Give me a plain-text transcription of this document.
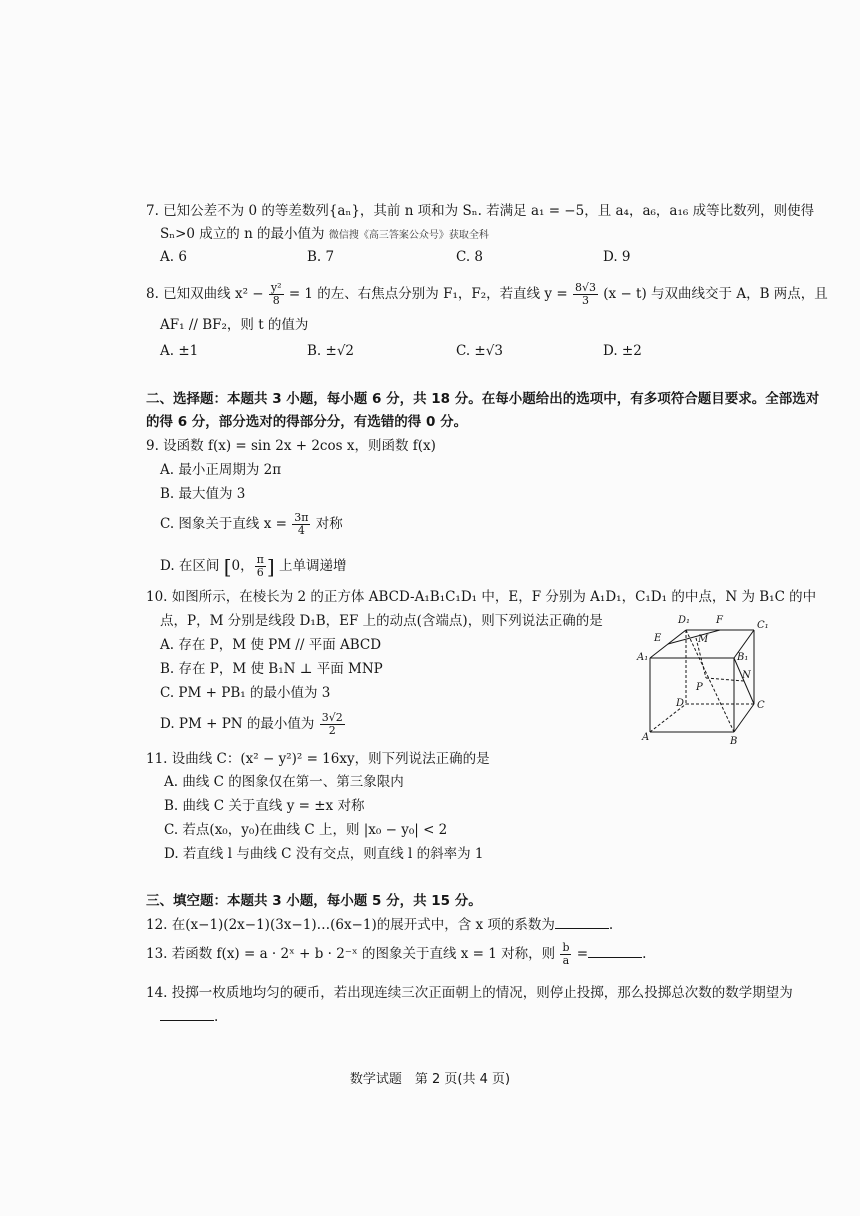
7. 已知公差不为 0 的等差数列{aₙ}，其前 n 项和为 Sₙ. 若满足 a₁ = −5，且 a₄，a₆，a₁₆ 成等比数列，则使得
Sₙ>0 成立的 n 的最小值为 微信搜《高三答案公众号》获取全科
A. 6	B. 7	C. 8	D. 9
8. 已知双曲线 $x^2 - \frac{\text{y²}}{8} = 1$ 的左、右焦点分别为 F₁，F₂，若直线 $y = \frac{8√3}{3} (x - t)$ 与双曲线交于 A，B 两点，且
AF₁ // BF₂，则 t 的值为
A. ±1	B. ±√2	C. ±√3	D. ±2
二、选择题：本题共 3 小题，每小题 6 分，共 18 分。在每小题给出的选项中，有多项符合题目要求。全部选对
的得 6 分，部分选对的得部分分，有选错的得 0 分。
9. 设函数 f(x) = sin 2x + 2cos x，则函数 f(x)
A. 最小正周期为 2π
B. 最大值为 3
C. 图象关于直线 $x = \frac{3\pi}{4}$ 对称
D. 在区间 [0， $\frac{\pi}{6}$ ] 上单调递增
10. 如图所示，在棱长为 2 的正方体 ABCD-A₁B₁C₁D₁ 中，E，F 分别为 A₁D₁，C₁D₁ 的中点，N 为 B₁C 的中
点，P，M 分别是线段 D₁B，EF 上的动点(含端点)，则下列说法正确的是
A. 存在 P，M 使 PM // 平面 ABCD
B. 存在 P，M 使 B₁N ⊥ 平面 MNP
C. PM + PB₁ 的最小值为 3
D. PM + PN 的最小值为 $\frac{3√2}{2}$
D₁	F	C₁
E	M
A₁	B₁
N
P
D	C
A	B
11. 设曲线 C：(x² − y²)² = 16xy，则下列说法正确的是
A. 曲线 C 的图象仅在第一、第三象限内
B. 曲线 C 关于直线 y = ±x 对称
C. 若点(x₀，y₀)在曲线 C 上，则 |x₀ − y₀| < 2
D. 若直线 l 与曲线 C 没有交点，则直线 l 的斜率为 1
三、填空题：本题共 3 小题，每小题 5 分，共 15 分。
12. 在(x−1)(2x−1)(3x−1)…(6x−1)的展开式中，含 x 项的系数为	.
13. 若函数 f(x) = a · 2ˣ + b · 2⁻ˣ 的图象关于直线 x = 1 对称，则 $\frac{b}{a}$ =	.
14. 投掷一枚质地均匀的硬币，若出现连续三次正面朝上的情况，则停止投掷，那么投掷总次数的数学期望为
.
数学试题　第 2 页(共 4 页)
